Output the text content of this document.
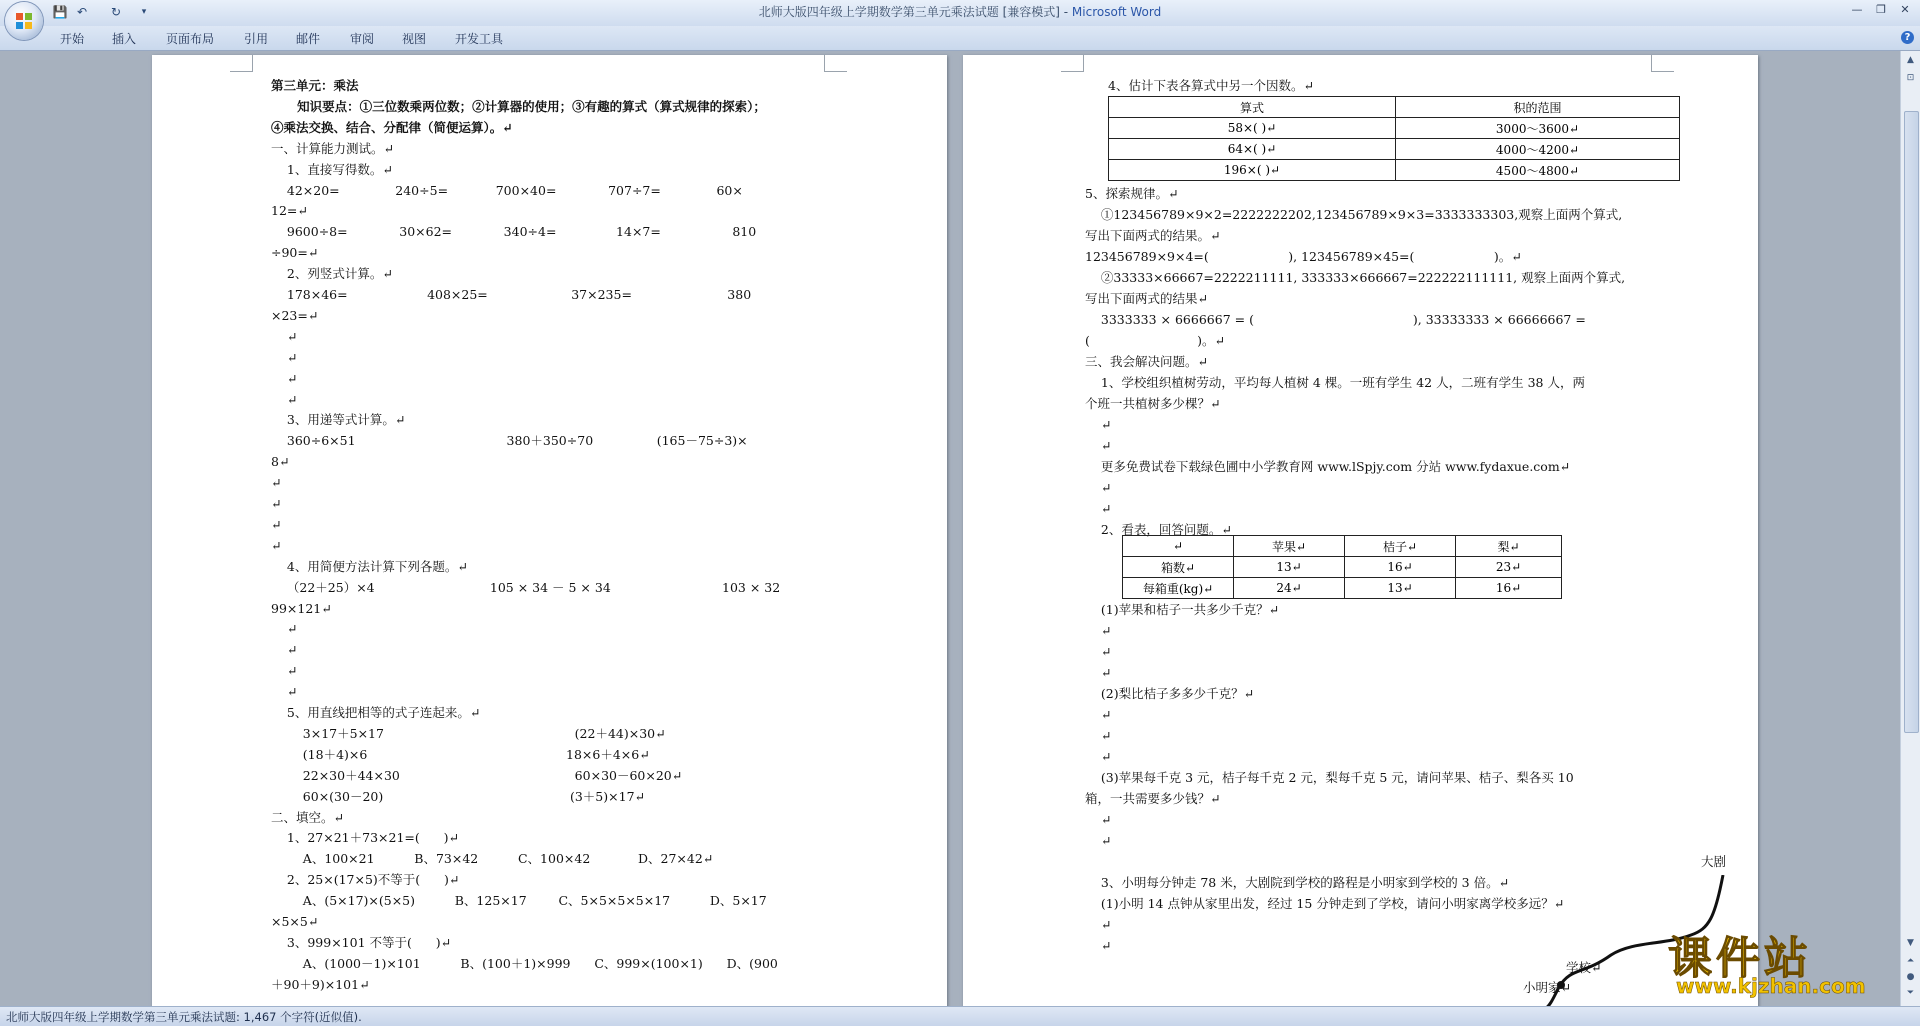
北师大版四年级上学期数学第三单元乘法试题 [兼容模式] - Microsoft Word
💾 ↶ ↻	▾	—	❐	✕
开始 插入 页面布局 引用 邮件 审阅 视图 开发工具	?
第三单元：乘法
知识要点：①三位数乘两位数；②计算器的使用；③有趣的算式（算式规律的探索）；
④乘法交换、结合、分配律（简便运算）。↵
一、计算能力测试。↵
1、直接写得数。↵
42×20=              240÷5=            700×40=             707÷7=              60×
12=↵
9600÷8=             30×62=             340÷4=               14×7=                  810
÷90=↵
2、列竖式计算。↵
178×46=                    408×25=                     37×235=                        380
×23=↵
↵
↵
↵
↵
3、用递等式计算。↵
360÷6×51                                      380＋350÷70                (165－75÷3)×
8↵
↵
↵
↵
↵
4、用简便方法计算下列各题。↵
（22＋25）×4                             105 × 34 － 5 × 34                            103 × 32
99×121↵
↵
↵
↵
↵
5、用直线把相等的式子连起来。↵
3×17＋5×17                                                (22＋44)×30↵
(18＋4)×6                                                  18×6＋4×6↵
22×30＋44×30                                            60×30－60×20↵
60×(30－20)                                               (3＋5)×17↵
二、填空。↵
1、27×21＋73×21=(      )↵
A、100×21          B、73×42          C、100×42            D、27×42↵
2、25×(17×5)不等于(      )↵
A、(5×17)×(5×5)          B、125×17        C、5×5×5×5×17          D、5×17
×5×5↵
3、999×101 不等于(      )↵
A、(1000－1)×101          B、(100＋1)×999      C、999×(100×1)      D、(900
＋90＋9)×101↵
4、估计下表各算式中另一个因数。↵
算式	积的范围
58×( )↵	3000～3600↵
64×( )↵	4000～4200↵
196×( )↵	4500～4800↵
5、探索规律。↵
①123456789×9×2=2222222202,123456789×9×3=3333333303,观察上面两个算式,
写出下面两式的结果。↵
123456789×9×4=(                    ), 123456789×45=(                    )。↵
②33333×66667=2222211111, 333333×666667=222222111111, 观察上面两个算式,
写出下面两式的结果↵
3333333 × 6666667 = (                                        ), 33333333 × 66666667 =
(                           )。↵
三、我会解决问题。↵
1、学校组织植树劳动，平均每人植树 4 棵。一班有学生 42 人，二班有学生 38 人，两
个班一共植树多少棵？↵
↵
↵
更多免费试卷下载绿色圃中小学教育网 www.lSpjy.com 分站 www.fydaxue.com↵
↵
↵
2、看表，回答问题。↵
↵	苹果↵	桔子↵	梨↵
箱数↵	13↵	16↵	23↵
每箱重(kg)↵	24↵	13↵	16↵
(1)苹果和桔子一共多少千克？↵
↵
↵
↵
(2)梨比桔子多多少千克？↵
↵
↵
↵
(3)苹果每千克 3 元，桔子每千克 2 元，梨每千克 5 元，请问苹果、桔子、梨各买 10
箱，一共需要多少钱？↵
↵
↵
3、小明每分钟走 78 米，大剧院到学校的路程是小明家到学校的 3 倍。↵
(1)小明 14 点钟从家里出发，经过 15 分钟走到了学校，请问小明家离学校多远？↵
↵
↵
大剧
学校↵
小明家↵
课件站
www.kjzhan.com
▲
⊡
▼
⏶
●
⏷
北师大版四年级上学期数学第三单元乘法试题: 1,467 个字符(近似值).
